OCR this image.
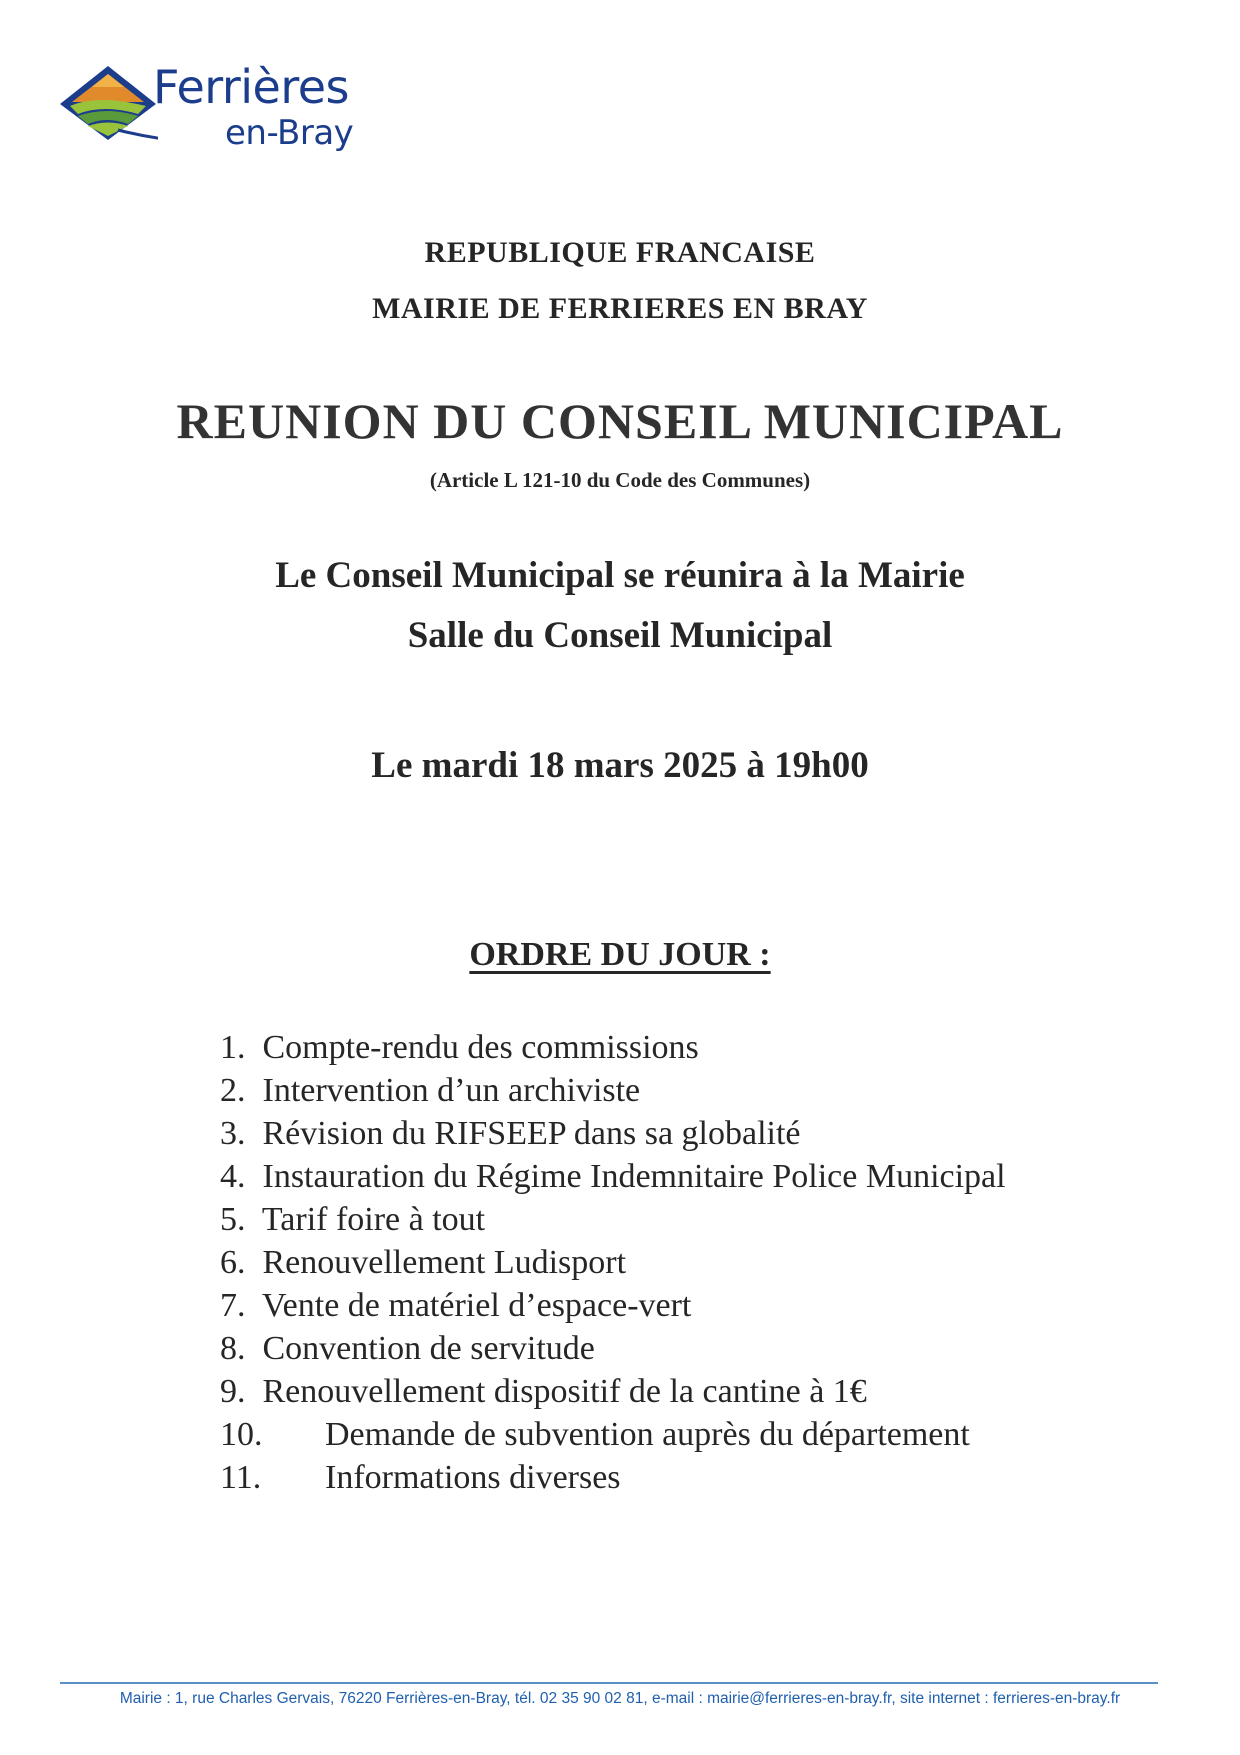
Ferrières
en-Bray
REPUBLIQUE FRANCAISE
MAIRIE DE FERRIERES EN BRAY
REUNION DU CONSEIL MUNICIPAL
(Article L 121-10 du Code des Communes)
Le Conseil Municipal se réunira à la Mairie
Salle du Conseil Municipal
Le mardi 18 mars 2025 à 19h00
ORDRE DU JOUR :
1. Compte-rendu des commissions
2. Intervention d’un archiviste
3. Révision du RIFSEEP dans sa globalité
4. Instauration du Régime Indemnitaire Police Municipal
5. Tarif foire à tout
6. Renouvellement Ludisport
7. Vente de matériel d’espace-vert
8. Convention de servitude
9. Renouvellement dispositif de la cantine à 1€
10. Demande de subvention auprès du département
11. Informations diverses
Mairie : 1, rue Charles Gervais, 76220 Ferrières-en-Bray, tél. 02 35 90 02 81, e-mail : mairie@ferrieres-en-bray.fr, site internet : ferrieres-en-bray.fr
